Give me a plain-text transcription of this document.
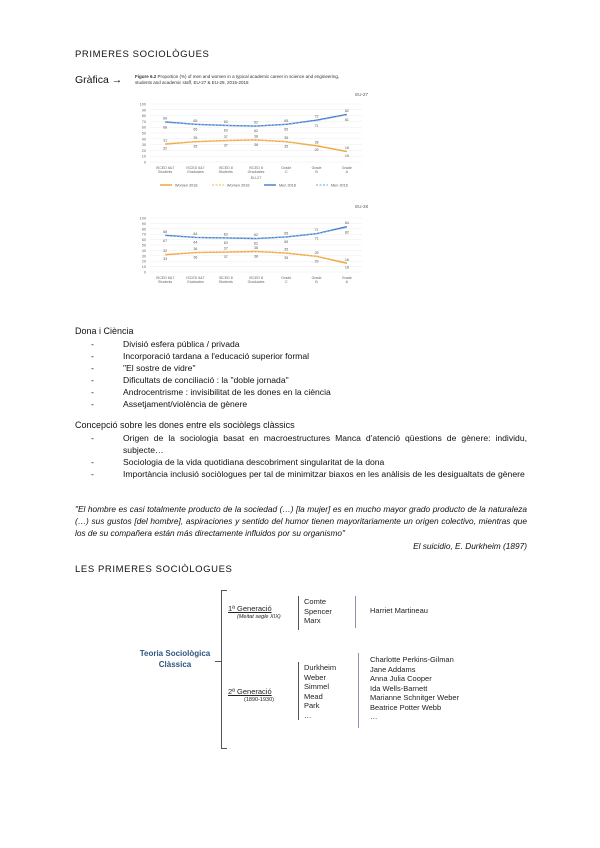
PRIMERES SOCIOLÒGUES
Gràfica →	Figure 6.2 Proportion (%) of men and women in a typical academic career in science and engineering, students and academic staff, EU-27 & EU-28, 2015-2018
EU-27
0
10
20
30
40
50
60
70
80
90
100
ISCED 6&7
Students
ISCED 6&7
Graduates
ISCED 8
Students
ISCED 8
Graduates
Grade
C
Grade
B
Grade
A
31
35	37	38	35
28
18
32	35	37	38	35
29
19
69
65	63	62	65
72
82
68	65	63	62	65
71
81
EU-27
Women 2018	Women 2016	Men 2018	Men 2016
EU-28
0
10
20
30
40
50
60
70
80
90
100
ISCED 6&7
Students
ISCED 6&7
Graduates
ISCED 8
Students
ISCED 8
Graduates
Grade
C
Grade
B
Grade
A
32
36	37	38	35
29
16
33	36	37	38	35
29
18
68
64	63	62	65
71
84
67	64	63	62	65
71
82
Dona i Ciència
- Divisió esfera pública / privada
- Incorporació tardana a l'educació superior formal
- "El sostre de vidre"
- Dificultats de conciliació : la "doble jornada"
- Androcentrisme : invisibilitat de les dones en la ciència
- Assetjament/violència de gènere
Concepció sobre les dones entre els sociòlegs clàssics
- Origen de la sociologia basat en macroestructures Manca d'atenció qüestions de gènere: individu, subjecte…
- Sociologia de la vida quotidiana descobriment singularitat de la dona
- Importància inclusió sociòlogues per tal de minimitzar biaxos en les anàlisis de les desigualtats de gènere
"El hombre es casi totalmente producto de la sociedad (…) [la mujer] es en mucho mayor grado producto de la naturaleza (…) sus gustos [del hombre], aspiraciones y sentido del humor tienen mayoritariamente un origen colectivo, mientras que los de su compañera están más directamente influidos por su organismo"
El suicidio, E. Durkheim (1897)
LES PRIMERES SOCIÒLOGUES
Teoria Sociològica Clàssica
1ª Generació
(Meitat segle XIX)
Comte
Spencer
Marx
Harriet Martineau
2ª Generació
(1890-1930)
Durkheim
Weber
Simmel
Mead
Park
…
Charlotte Perkins-Gilman
Jane Addams
Anna Julia Cooper
Ida Wells-Barnett
Marianne Schnitger Weber
Beatrice Potter Webb
…
